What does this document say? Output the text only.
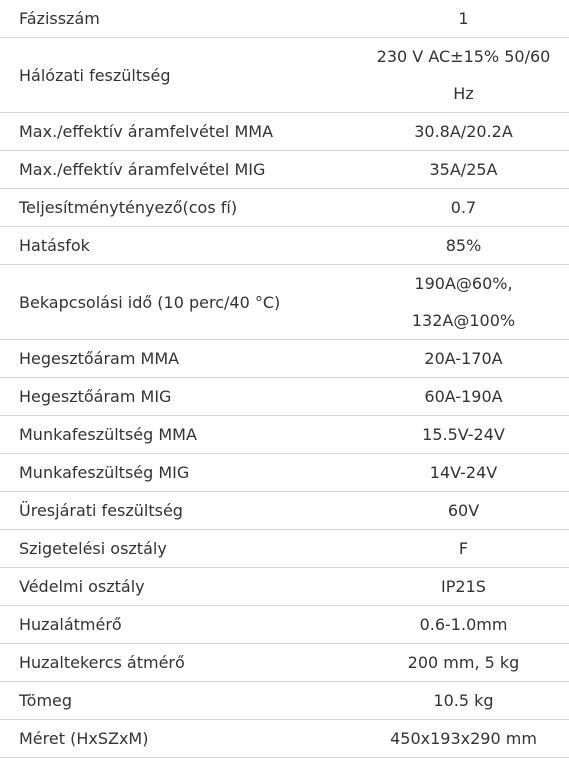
Fázisszám	1
Hálózati feszültség	230 V AC±15% 50/60
Hz

Max./effektív áramfelvétel MMA	30.8A/20.2A
Max./effektív áramfelvétel MIG	35A/25A
Teljesítménytényező(cos fí)	0.7
Hatásfok	85%
Bekapcsolási idő (10 perc/40 °C)	190A@60%,
132A@100%

Hegesztőáram MMA	20A-170A
Hegesztőáram MIG	60A-190A
Munkafeszültség MMA	15.5V-24V
Munkafeszültség MIG	14V-24V
Üresjárati feszültség	60V
Szigetelési osztály	F
Védelmi osztály	IP21S
Huzalátmérő	0.6-1.0mm
Huzaltekercs átmérő	200 mm, 5 kg
Tömeg	10.5 kg
Méret (HxSZxM)	450x193x290 mm
